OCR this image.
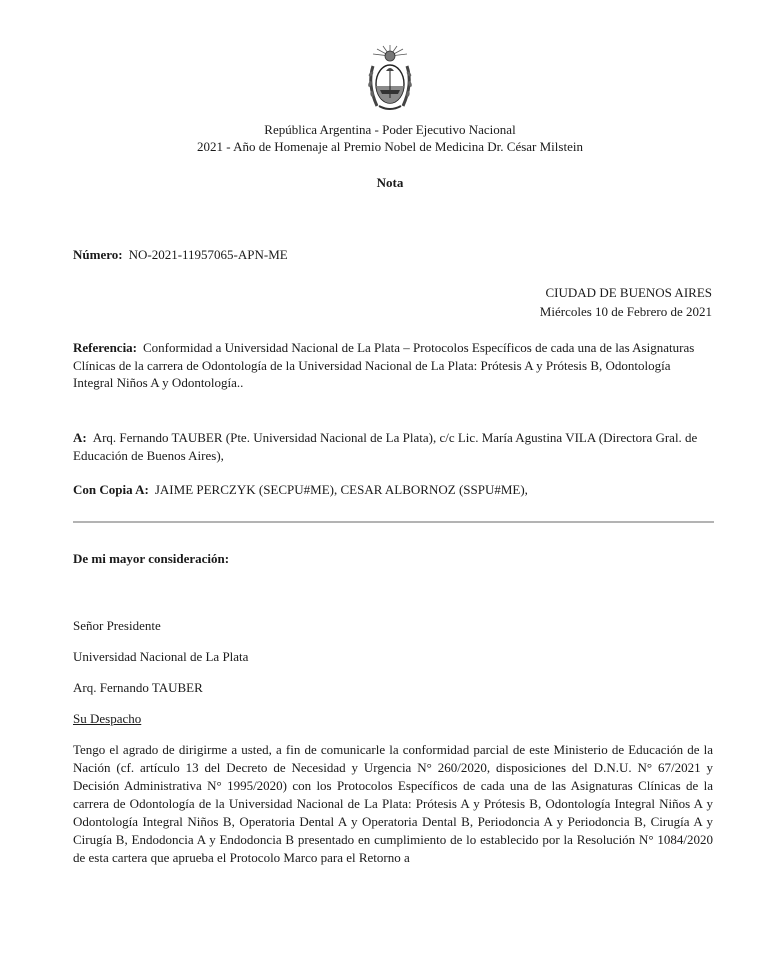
República Argentina - Poder Ejecutivo Nacional
2021 - Año de Homenaje al Premio Nobel de Medicina Dr. César Milstein
Nota
Número: NO-2021-11957065-APN-ME
CIUDAD DE BUENOS AIRES
Miércoles 10 de Febrero de 2021
Referencia: Conformidad a Universidad Nacional de La Plata – Protocolos Específicos de cada una de las Asignaturas Clínicas de la carrera de Odontología de la Universidad Nacional de La Plata: Prótesis A y Prótesis B, Odontología Integral Niños A y Odontología..
A: Arq. Fernando TAUBER (Pte. Universidad Nacional de La Plata), c/c Lic. María Agustina VILA (Directora Gral. de Educación de Buenos Aires),
Con Copia A: JAIME PERCZYK (SECPU#ME), CESAR ALBORNOZ (SSPU#ME),
De mi mayor consideración:
Señor Presidente
Universidad Nacional de La Plata
Arq. Fernando TAUBER
Su Despacho
Tengo el agrado de dirigirme a usted, a fin de comunicarle la conformidad parcial de este Ministerio de Educación de la Nación (cf. artículo 13 del Decreto de Necesidad y Urgencia N° 260/2020, disposiciones del D.N.U. N° 67/2021 y Decisión Administrativa N° 1995/2020) con los Protocolos Específicos de cada una de las Asignaturas Clínicas de la carrera de Odontología de la Universidad Nacional de La Plata: Prótesis A y Prótesis B, Odontología Integral Niños A y Odontología Integral Niños B, Operatoria Dental A y Operatoria Dental B, Periodoncia A y Periodoncia B, Cirugía A y Cirugía B, Endodoncia A y Endodoncia B presentado en cumplimiento de lo establecido por la Resolución N° 1084/2020 de esta cartera que aprueba el Protocolo Marco para el Retorno a
